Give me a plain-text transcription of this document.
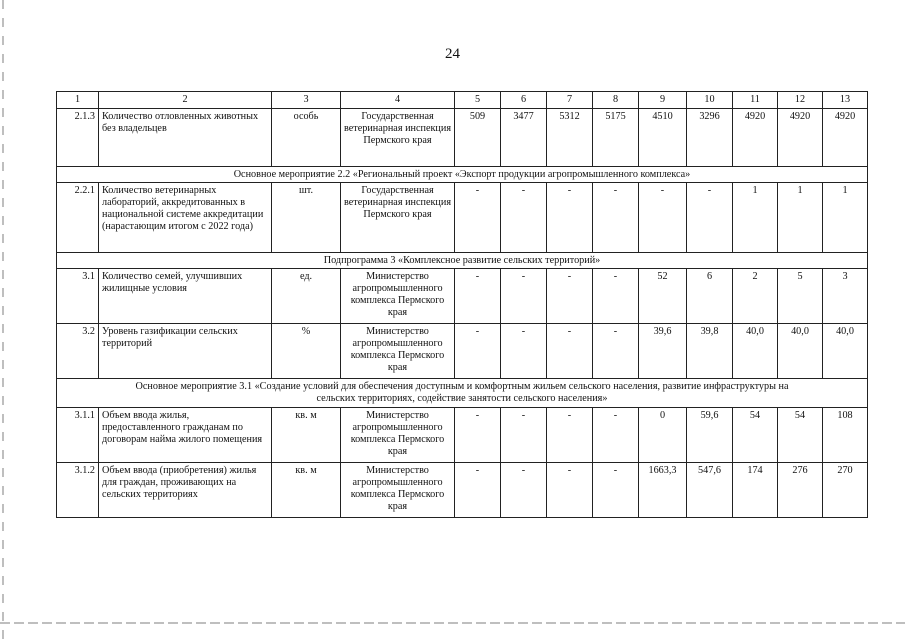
24
1	2	3	4	5	6	7	8	9	10	11	12	13
2.1.3	Количество отловленных животных без владельцев	особь	Государственная ветеринарная инспекция Пермского края	509	3477	5312	5175	4510	3296	4920	4920	4920
Основное мероприятие 2.2 «Региональный проект «Экспорт продукции агропромышленного комплекса»												
2.2.1	Количество ветеринарных лабораторий, аккредитованных в национальной системе аккредитации (нарастающим итогом с 2022 года)	шт.	Государственная ветеринарная инспекция Пермского края	-	-	-	-	-	-	1	1	1
Подпрограмма 3 «Комплексное развитие сельских территорий»												
3.1	Количество семей, улучшивших жилищные условия	ед.	Министерство агропромышленного комплекса Пермского края	-	-	-	-	52	6	2	5	3
3.2	Уровень газификации сельских территорий	%	Министерство агропромышленного комплекса Пермского края	-	-	-	-	39,6	39,8	40,0	40,0	40,0
Основное мероприятие 3.1 «Создание условий для обеспечения доступным и комфортным жильем сельского населения, развитие инфраструктуры на сельских территориях, содействие занятости сельского населения»												
3.1.1	Объем ввода жилья, предоставленного гражданам по договорам найма жилого помещения	кв. м	Министерство агропромышленного комплекса Пермского края	-	-	-	-	0	59,6	54	54	108
3.1.2	Объем ввода (приобретения) жилья для граждан, проживающих на сельских территориях	кв. м	Министерство агропромышленного комплекса Пермского края	-	-	-	-	1663,3	547,6	174	276	270
